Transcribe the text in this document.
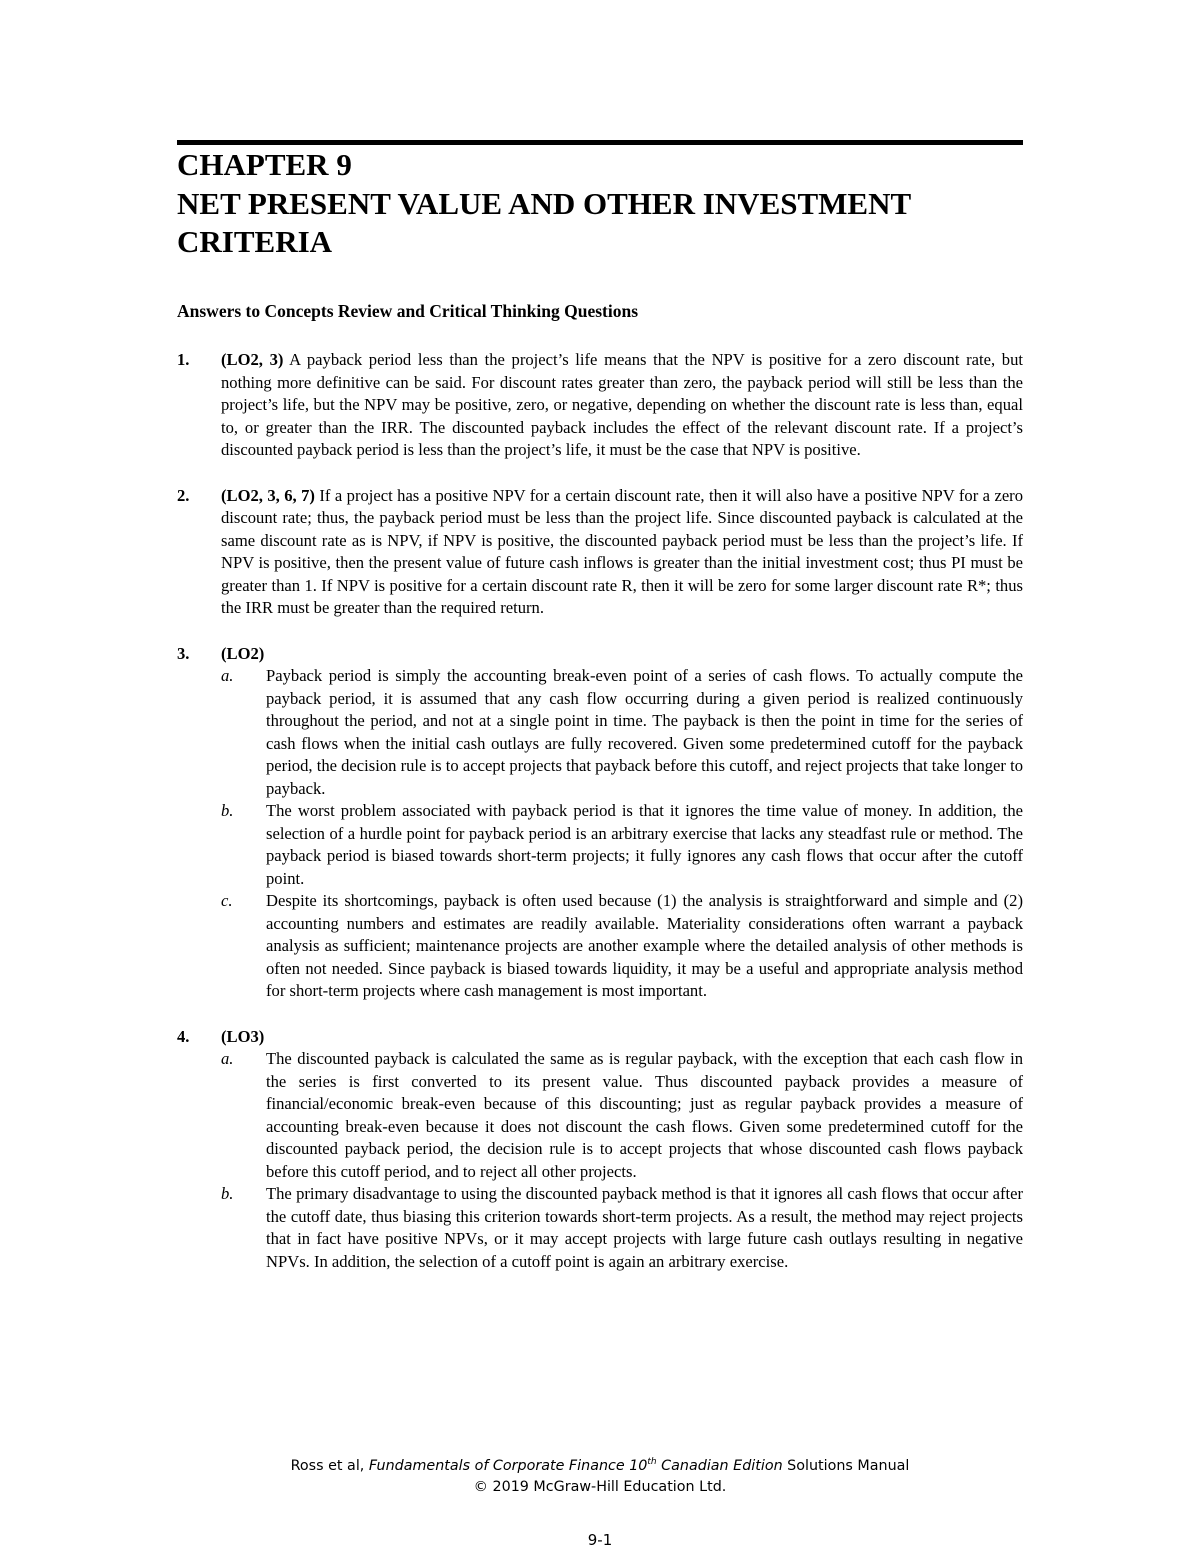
CHAPTER 9
NET PRESENT VALUE AND OTHER INVESTMENT
CRITERIA
Answers to Concepts Review and Critical Thinking Questions
1. (LO2, 3) A payback period less than the project’s life means that the NPV is positive for a zero discount rate, but nothing more definitive can be said. For discount rates greater than zero, the payback period will still be less than the project’s life, but the NPV may be positive, zero, or negative, depending on whether the discount rate is less than, equal to, or greater than the IRR. The discounted payback includes the effect of the relevant discount rate. If a project’s discounted payback period is less than the project’s life, it must be the case that NPV is positive.

2. (LO2, 3, 6, 7) If a project has a positive NPV for a certain discount rate, then it will also have a positive NPV for a zero discount rate; thus, the payback period must be less than the project life. Since discounted payback is calculated at the same discount rate as is NPV, if NPV is positive, the discounted payback period must be less than the project’s life. If NPV is positive, then the present value of future cash inflows is greater than the initial investment cost; thus PI must be greater than 1. If NPV is positive for a certain discount rate R, then it will be zero for some larger discount rate R*; thus the IRR must be greater than the required return.

3. (LO2)
a. Payback period is simply the accounting break-even point of a series of cash flows. To actually compute the payback period, it is assumed that any cash flow occurring during a given period is realized continuously throughout the period, and not at a single point in time. The payback is then the point in time for the series of cash flows when the initial cash outlays are fully recovered. Given some predetermined cutoff for the payback period, the decision rule is to accept projects that payback before this cutoff, and reject projects that take longer to payback.

b. The worst problem associated with payback period is that it ignores the time value of money. In addition, the selection of a hurdle point for payback period is an arbitrary exercise that lacks any steadfast rule or method. The payback period is biased towards short-term projects; it fully ignores any cash flows that occur after the cutoff point.

c. Despite its shortcomings, payback is often used because (1) the analysis is straightforward and simple and (2) accounting numbers and estimates are readily available. Materiality considerations often warrant a payback analysis as sufficient; maintenance projects are another example where the detailed analysis of other methods is often not needed. Since payback is biased towards liquidity, it may be a useful and appropriate analysis method for short-term projects where cash management is most important.

4. (LO3)
a. The discounted payback is calculated the same as is regular payback, with the exception that each cash flow in the series is first converted to its present value. Thus discounted payback provides a measure of financial/economic break-even because of this discounting; just as regular payback provides a measure of accounting break-even because it does not discount the cash flows. Given some predetermined cutoff for the discounted payback period, the decision rule is to accept projects that whose discounted cash flows payback before this cutoff period, and to reject all other projects.

b. The primary disadvantage to using the discounted payback method is that it ignores all cash flows that occur after the cutoff date, thus biasing this criterion towards short-term projects. As a result, the method may reject projects that in fact have positive NPVs, or it may accept projects with large future cash outlays resulting in negative NPVs. In addition, the selection of a cutoff point is again an arbitrary exercise.

Ross et al, Fundamentals of Corporate Finance 10th Canadian Edition Solutions Manual
© 2019 McGraw-Hill Education Ltd.
9-1
